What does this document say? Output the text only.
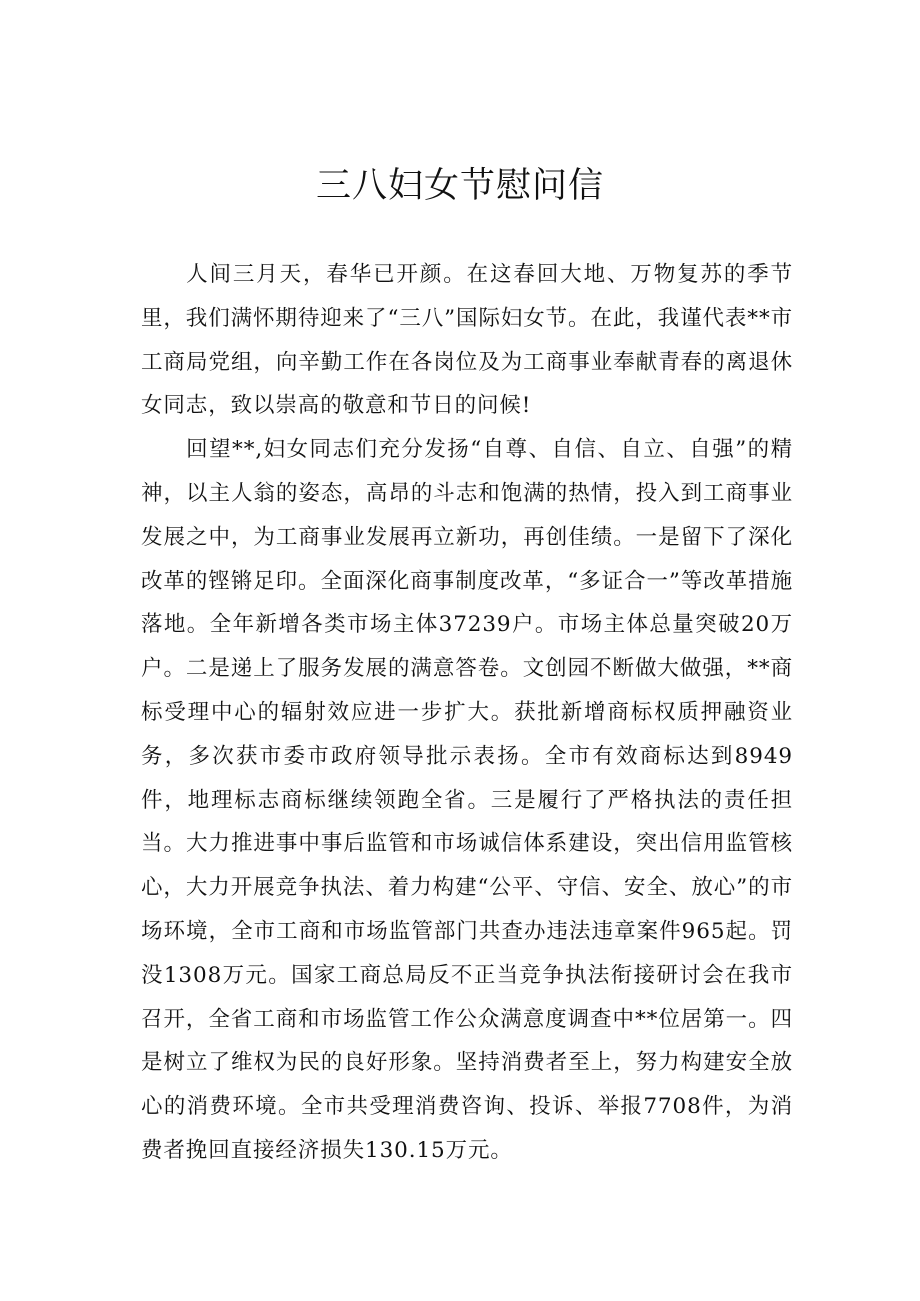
三八妇女节慰问信

人间三月天，春华已开颜。在这春回大地、万物复苏的季节里，我们满怀期待迎来了“三八”国际妇女节。在此，我谨代表**市工商局党组，向辛勤工作在各岗位及为工商事业奉献青春的离退休女同志，致以崇高的敬意和节日的问候!

回望**,妇女同志们充分发扬“自尊、自信、自立、自强”的精神，以主人翁的姿态，高昂的斗志和饱满的热情，投入到工商事业发展之中，为工商事业发展再立新功，再创佳绩。一是留下了深化改革的铿锵足印。全面深化商事制度改革，“多证合一”等改革措施落地。全年新增各类市场主体37239户。市场主体总量突破20万户。二是递上了服务发展的满意答卷。文创园不断做大做强，**商标受理中心的辐射效应进一步扩大。获批新增商标权质押融资业务，多次获市委市政府领导批示表扬。全市有效商标达到8949件，地理标志商标继续领跑全省。三是履行了严格执法的责任担当。大力推进事中事后监管和市场诚信体系建设，突出信用监管核心，大力开展竞争执法、着力构建“公平、守信、安全、放心”的市场环境，全市工商和市场监管部门共查办违法违章案件965起。罚没1308万元。国家工商总局反不正当竞争执法衔接研讨会在我市召开，全省工商和市场监管工作公众满意度调查中**位居第一。四是树立了维权为民的良好形象。坚持消费者至上，努力构建安全放心的消费环境。全市共受理消费咨询、投诉、举报7708件，为消费者挽回直接经济损失130.15万元。
